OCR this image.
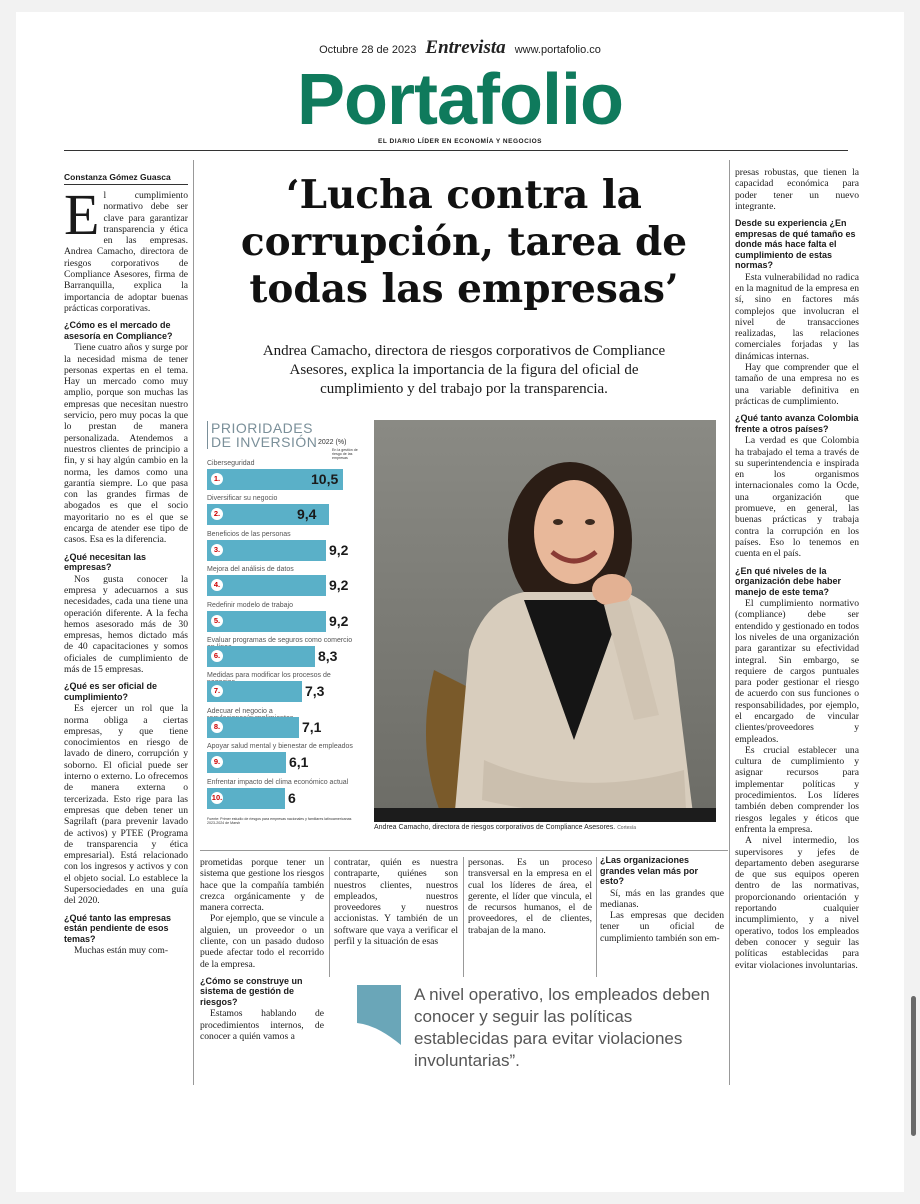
Octubre 28 de 2023 Entrevista www.portafolio.co
Portafolio
EL DIARIO LÍDER EN ECONOMÍA Y NEGOCIOS
Constanza Gómez Guasca
El cumplimiento normativo debe ser clave para garantizar transparencia y ética en las empresas. Andrea Camacho, directora de riesgos corporativos de Compliance Asesores, firma de Barranquilla, explica la importancia de adoptar buenas prácticas corporativas.
¿Cómo es el mercado de asesoría en Compliance?

Tiene cuatro años y surge por la necesidad misma de tener personas expertas en el tema. Hay un mercado como muy amplio, porque son muchas las empresas que necesitan nuestro servicio, pero muy pocas la que lo prestan de manera personalizada. Atendemos a nuestros clientes de principio a fin, y si hay algún cambio en la norma, les damos como una garantía siempre. Lo que pasa con las grandes firmas de abogados es que el socio mayoritario no es el que se encarga de atender ese tipo de casos. Esa es la diferencia.

¿Qué necesitan las empresas?

Nos gusta conocer la empresa y adecuarnos a sus necesidades, cada una tiene una operación diferente. A la fecha hemos asesorado más de 30 empresas, hemos dictado más de 40 capacitaciones y somos oficiales de cumplimiento de más de 15 empresas.

¿Qué es ser oficial de cumplimiento?

Es ejercer un rol que la norma obliga a ciertas empresas, y que tiene conocimientos en riesgo de lavado de dinero, corrupción y soborno. El oficial puede ser interno o externo. Lo ofrecemos de manera externa o tercerizada. Esto rige para las empresas que deben tener un Sagrilaft (para prevenir lavado de activos) y PTEE (Programa de transparencia y ética empresarial). Está relacionado con los ingresos y activos y con el objeto social. Lo establece la Supersociedades en una guía del 2020.

¿Qué tanto las empresas están pendiente de esos temas?

Muchas están muy com-

‘Lucha contra la corrupción, tarea de todas las empresas’
Andrea Camacho, directora de riesgos corporativos de Compliance Asesores, explica la importancia de la figura del oficial de cumplimiento y del trabajo por la transparencia.
PRIORIDADES
DE INVERSIÓN 2022 (%)
En la gestión de riesgo de las empresas
Ciberseguridad
1.	10,5
Diversificar su negocio
2.	9,4
Beneficios de las personas
3.	9,2
Mejora del análisis de datos
4.	9,2
Redefinir modelo de trabajo
5.	9,2
Evaluar programas de seguros como comercio
6.	8,3
Medidas para modificar los procesos de
7.	7,3
Adecuar el negocio a
8.	7,1
Apoyar salud mental y bienestar de empleados
9.	6,1
Enfrentar impacto del clima económico actual
10.	6
Fuente: Primer estudio de riesgos para empresas nacionales y familiares latinoamericanas 2023-2024 de Marsh
Andrea Camacho, directora de riesgos corporativos de Compliance Asesores. Cortesía

prometidas porque tener un sistema que gestione los riesgos hace que la compañía también crezca orgánicamente y de manera correcta.

Por ejemplo, que se vincule a alguien, un proveedor o un cliente, con un pasado dudoso puede afectar todo el recorrido de la empresa.

¿Cómo se construye un sistema de gestión de riesgos?

Estamos hablando de procedimientos internos, de conocer a quién vamos a

contratar, quién es nuestra contraparte, quiénes son nuestros clientes, nuestros empleados, nuestros proveedores y nuestros accionistas. Y también de un software que vaya a verificar el perfil y la situación de esas

personas. Es un proceso transversal en la empresa en el cual los líderes de área, el gerente, el líder que vincula, el de recursos humanos, el de proveedores, el de clientes, trabajan de la mano.

¿Las organizaciones grandes velan más por esto?

Sí, más en las grandes que medianas.

Las empresas que deciden tener un oficial de cumplimiento también son em-

A nivel operativo, los empleados deben conocer y seguir las políticas establecidas para evitar violaciones involuntarias”.

presas robustas, que tienen la capacidad económica para poder tener un nuevo integrante.

Desde su experiencia ¿En empresas de qué tamaño es donde más hace falta el cumplimiento de estas normas?

Esta vulnerabilidad no radica en la magnitud de la empresa en sí, sino en factores más complejos que involucran el nivel de transacciones realizadas, las relaciones comerciales forjadas y las dinámicas internas.

Hay que comprender que el tamaño de una empresa no es una variable definitiva en prácticas de cumplimiento.

¿Qué tanto avanza Colombia frente a otros países?

La verdad es que Colombia ha trabajado el tema a través de su superintendencia e inspirada en los organismos internacionales como la Ocde, una organización que promueve, en general, las buenas prácticas y trabaja contra la corrupción en los países. Eso lo tenemos en cuenta en el país.

¿En qué niveles de la organización debe haber manejo de este tema?

El cumplimiento normativo (compliance) debe ser entendido y gestionado en todos los niveles de una organización para garantizar su efectividad integral. Sin embargo, se requiere de cargos puntuales para poder gestionar el riesgo de acuerdo con sus funciones o responsabilidades, por ejemplo, el encargado de vincular clientes/proveedores y empleados.

Es crucial establecer una cultura de cumplimiento y asignar recursos para implementar políticas y procedimientos. Los líderes también deben comprender los riesgos legales y éticos que enfrenta la empresa.

A nivel intermedio, los supervisores y jefes de departamento deben asegurarse de que sus equipos operen dentro de las normativas, proporcionando orientación y reportando cualquier incumplimiento, y a nivel operativo, todos los empleados deben conocer y seguir las políticas establecidas para evitar violaciones involuntarias.
